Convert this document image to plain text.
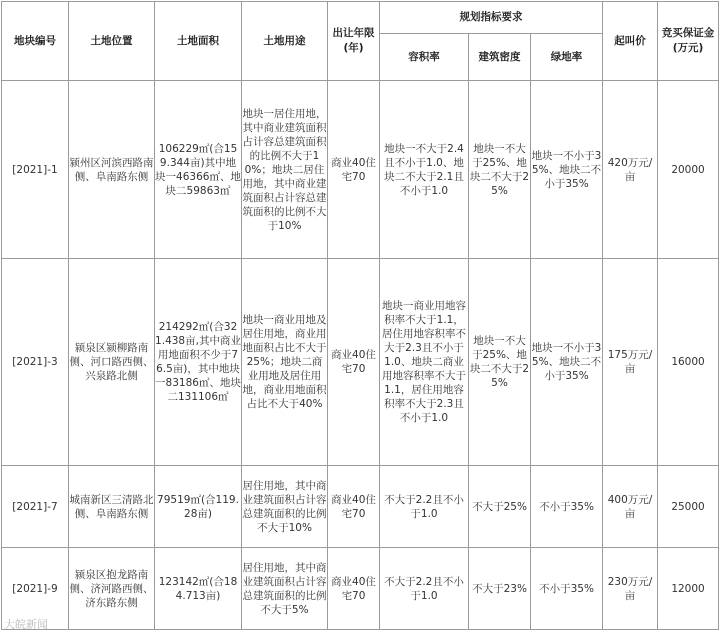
地块编号	土地位置	土地面积	土地用途	出让年限(年)	规划指标要求			起叫价	竞买保证金(万元)
					容积率	建筑密度	绿地率		
[2021]-1	颍州区河滨西路南侧、阜南路东侧	106229㎡(合159.344亩)其中地块一46366㎡、地块二59863㎡	地块一居住用地，其中商业建筑面积占计容总建筑面积的比例不大于10%；地块二居住用地，其中商业建筑面积占计容总建筑面积的比例不大于10%	商业40住宅70	地块一不大于2.4且不小于1.0、地块二不大于2.1且不小于1.0	地块一不大于25%、地块二不大于25%	地块一不小于35%、地块二不小于35%	420万元/亩	20000
[2021]-3	颍泉区颍柳路南侧、河口路西侧、兴泉路北侧	214292㎡(合321.438亩,其中商业用地面积不少于76.5亩)，其中地块一83186㎡、地块二131106㎡	地块一商业用地及居住用地，商业用地面积占比不大于25%；地块二商业用地及居住用地，商业用地面积占比不大于40%	商业40住宅70	地块一商业用地容积率不大于1.1，居住用地容积率不大于2.3且不小于1.0、地块二商业用地容积率不大于1.1，居住用地容积率不大于2.3且不小于1.0	地块一不大于25%、地块二不大于25%	地块一不小于35%、地块二不小于35%	175万元/亩	16000
[2021]-7	城南新区三清路北侧、阜南路东侧	79519㎡(合119.28亩)	居住用地，其中商业建筑面积占计容总建筑面积的比例不大于10%	商业40住宅70	不大于2.2且不小于1.0	不大于25%	不小于35%	400万元/亩	25000
[2021]-9	颍泉区抱龙路南侧、济河路西侧、济东路东侧	123142㎡(合184.713亩)	居住用地，其中商业建筑面积占计容总建筑面积的比例不大于5%	商业40住宅70	不大于2.2且不小于1.0	不大于23%	不小于35%	230万元/亩	12000
大皖新闻
